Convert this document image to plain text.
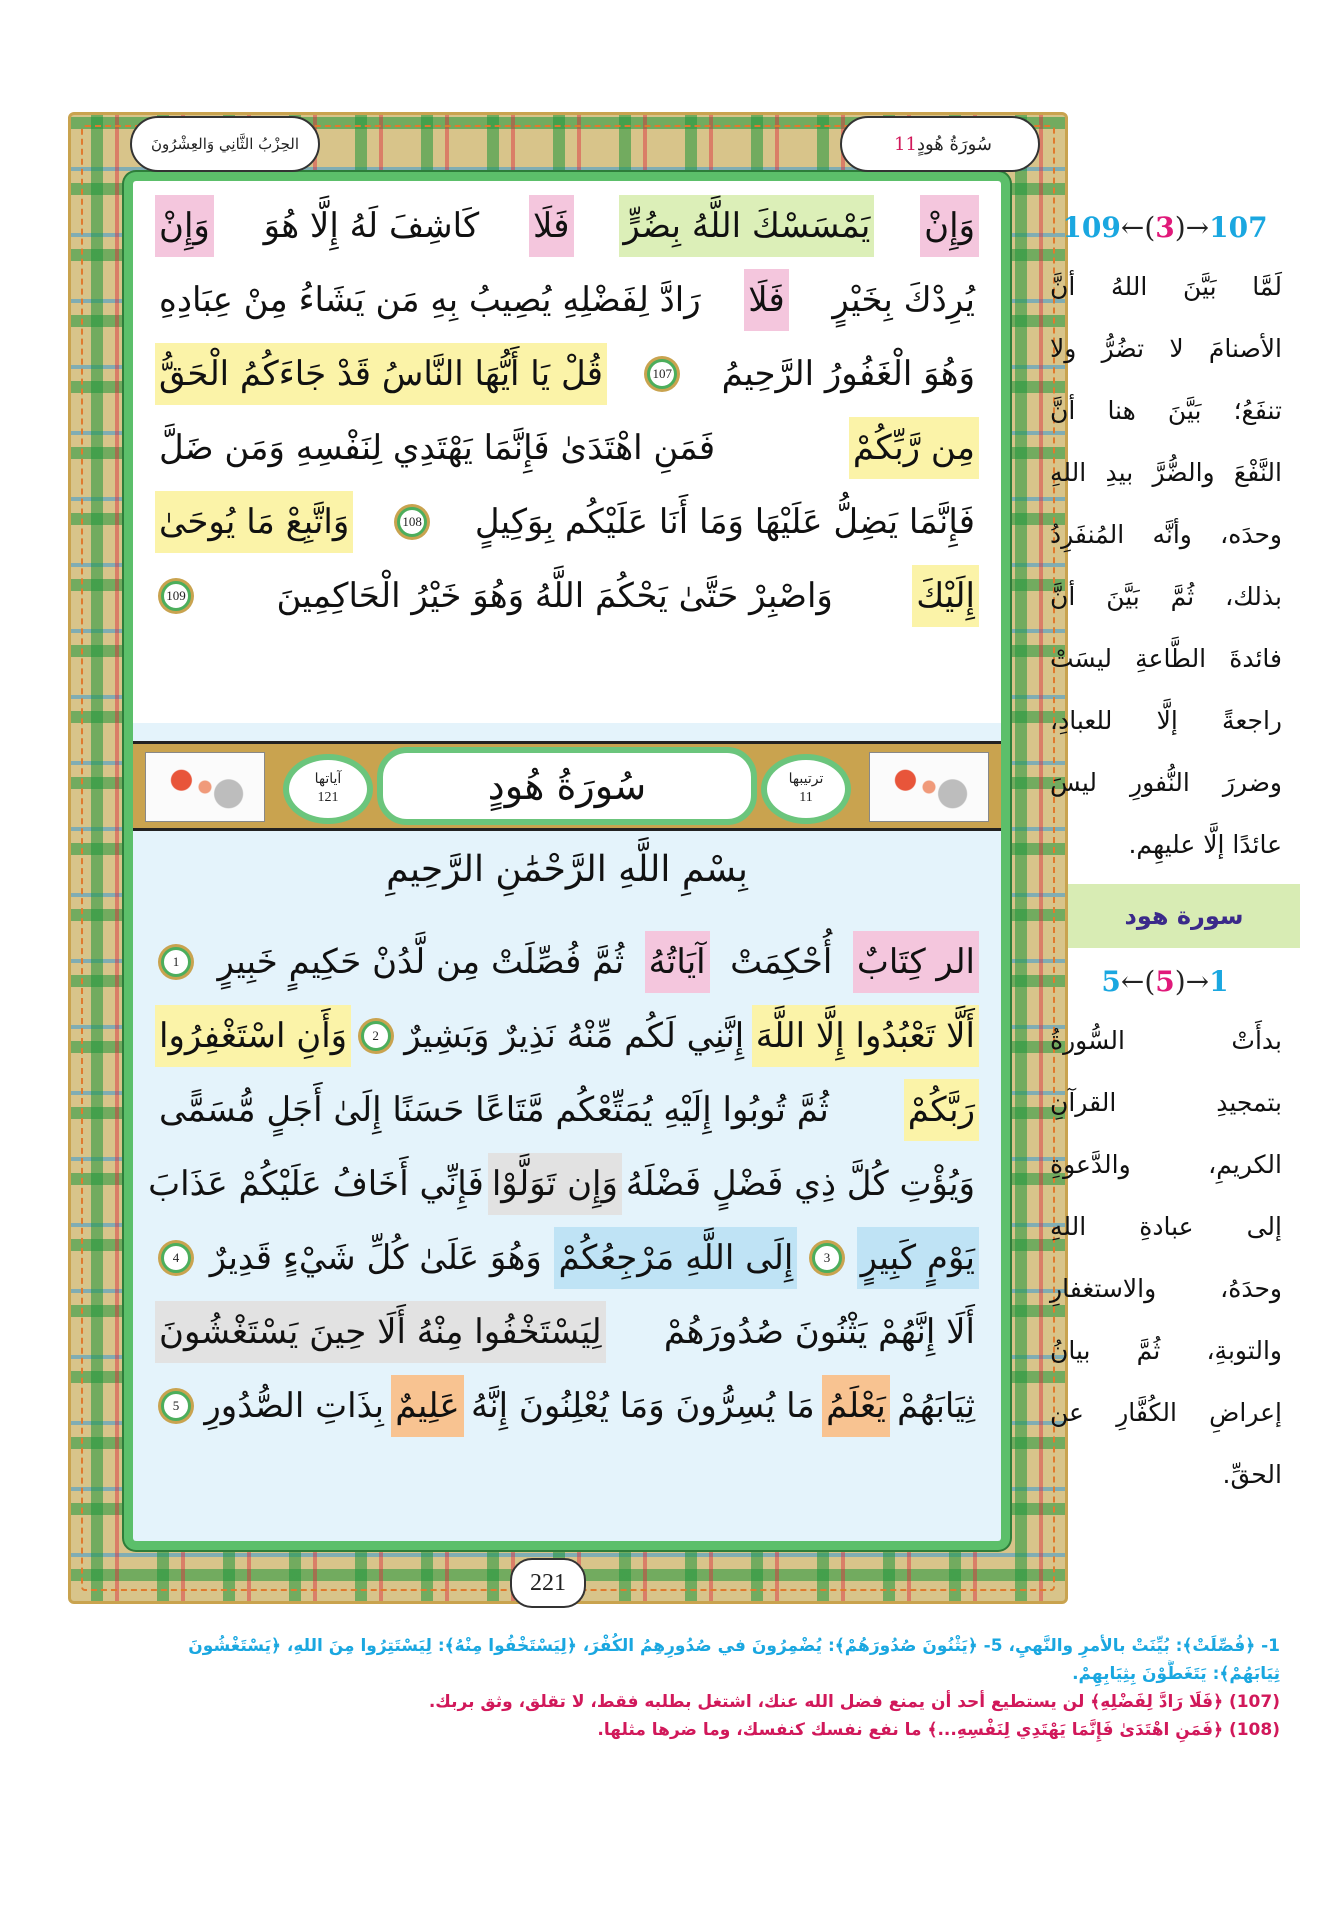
الحِزْبُ الثَّانِي وَالعِشْرُونَ	سُورَةُ هُودٍ
11
وَإِنْ
يَمْسَسْكَ اللَّهُ بِضُرٍّ
فَلَا
كَاشِفَ لَهُ إِلَّا هُوَ
وَإِنْ
يُرِدْكَ بِخَيْرٍ
فَلَا
رَادَّ لِفَضْلِهِ يُصِيبُ بِهِ مَن يَشَاءُ مِنْ عِبَادِهِ
وَهُوَ الْغَفُورُ الرَّحِيمُ
107
قُلْ يَا أَيُّهَا النَّاسُ قَدْ جَاءَكُمُ الْحَقُّ
مِن رَّبِّكُمْ
فَمَنِ اهْتَدَىٰ فَإِنَّمَا يَهْتَدِي لِنَفْسِهِ وَمَن ضَلَّ
فَإِنَّمَا يَضِلُّ عَلَيْهَا وَمَا أَنَا عَلَيْكُم بِوَكِيلٍ
108
وَاتَّبِعْ مَا يُوحَىٰ
إِلَيْكَ
وَاصْبِرْ حَتَّىٰ يَحْكُمَ اللَّهُ وَهُوَ خَيْرُ الْحَاكِمِينَ
109
الر كِتَابٌ
أُحْكِمَتْ
آيَاتُهُ
ثُمَّ فُصِّلَتْ مِن لَّدُنْ حَكِيمٍ خَبِيرٍ
1
أَلَّا تَعْبُدُوا إِلَّا اللَّهَ
إِنَّنِي لَكُم مِّنْهُ نَذِيرٌ وَبَشِيرٌ
2
وَأَنِ اسْتَغْفِرُوا
رَبَّكُمْ
ثُمَّ تُوبُوا إِلَيْهِ يُمَتِّعْكُم مَّتَاعًا حَسَنًا إِلَىٰ أَجَلٍ مُّسَمًّى
وَيُؤْتِ كُلَّ ذِي فَضْلٍ فَضْلَهُ
وَإِن تَوَلَّوْا
فَإِنِّي أَخَافُ عَلَيْكُمْ عَذَابَ
يَوْمٍ كَبِيرٍ
3
إِلَى اللَّهِ مَرْجِعُكُمْ
وَهُوَ عَلَىٰ كُلِّ شَيْءٍ قَدِيرٌ
4
أَلَا إِنَّهُمْ يَثْنُونَ صُدُورَهُمْ
لِيَسْتَخْفُوا مِنْهُ أَلَا حِينَ يَسْتَغْشُونَ
ثِيَابَهُمْ
يَعْلَمُ
مَا يُسِرُّونَ وَمَا يُعْلِنُونَ إِنَّهُ
عَلِيمٌ
بِذَاتِ الصُّدُورِ
5
آياتها
121	سُورَةُ هُودٍ	ترتيبها
11
بِسْمِ اللَّهِ الرَّحْمَٰنِ الرَّحِيمِ
221
109←(3)→107

لَمَّا بَيَّنَ اللهُ أنَّ

الأصنامَ لا تضُرُّ ولا

تنفَعُ؛ بَيَّنَ هنا أنَّ

النَّفْعَ والضُّرَّ بيدِ اللهِ

وحدَه، وأنَّه المُنفَرِدُ

بذلك، ثُمَّ بَيَّنَ أنَّ

فائدةَ الطَّاعةِ ليسَتْ

راجعةً إلَّا للعبادِ،

وضررَ النُّفورِ ليسَ

عائدًا إلَّا عليهِم.

سورة هود
5←(5)→1

بدأَتْ السُّورةُ

بتمجيدِ القرآنِ

الكريمِ، والدَّعوةِ

إلى عبادةِ اللهِ

وحدَهُ، والاستغفارِ

والتوبةِ، ثُمَّ بيانُ

إعراضِ الكُفَّارِ عن

الحقِّ.

1- ﴿فُصِّلَتْ﴾: بُيِّنَتْ بالأمرِ والنَّهيِ، 5- ﴿يَثْنُونَ صُدُورَهُمْ﴾: يُضْمِرُونَ في صُدُورِهِمُ الكُفْرَ، ﴿لِيَسْتَخْفُوا مِنْهُ﴾: لِيَسْتَتِرُوا مِنَ اللهِ، ﴿يَسْتَغْشُونَ
ثِيَابَهُمْ﴾: يَتَغَطَّوْنَ بِثِيَابِهِمْ.
(107) ﴿فَلَا رَادَّ لِفَضْلِهِ﴾ لن يستطيع أحد أن يمنع فضل الله عنك، اشتغل بطلبه فقط، لا تقلق، وثق بربك.
(108) ﴿فَمَنِ اهْتَدَىٰ فَإِنَّمَا يَهْتَدِي لِنَفْسِهِ...﴾ ما نفع نفسك كنفسك، وما ضرها مثلها.
